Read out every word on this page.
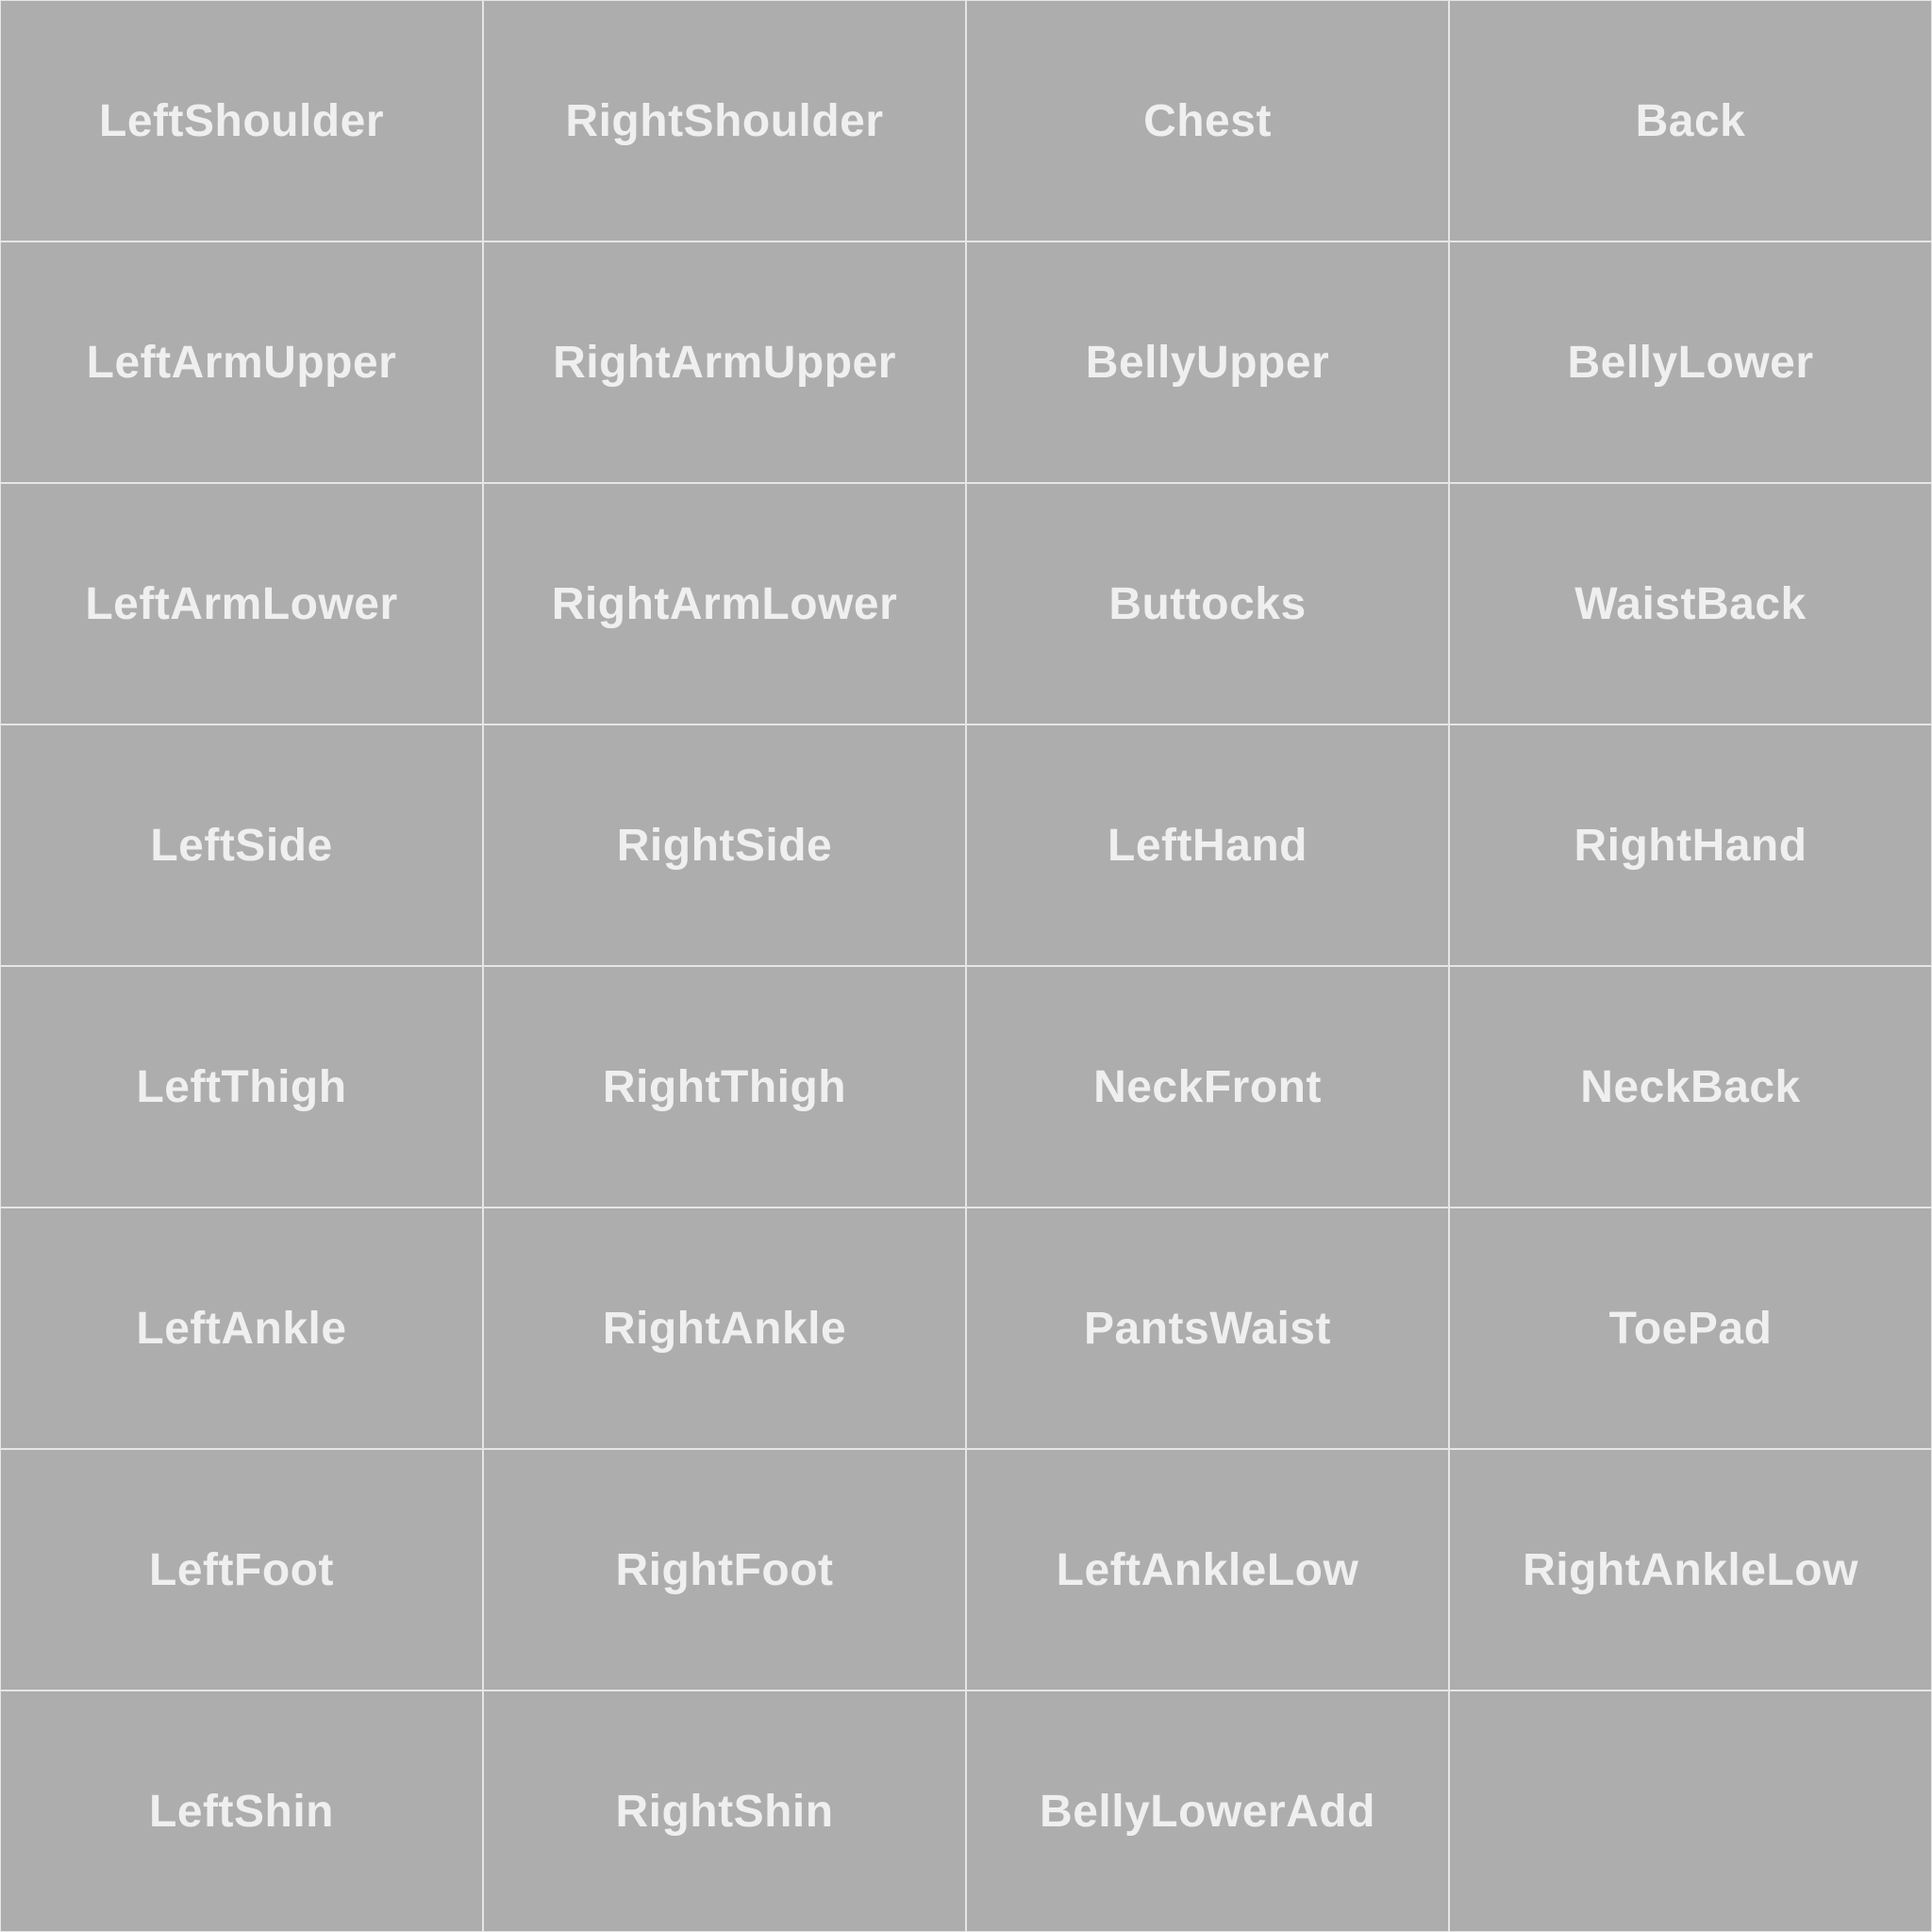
LeftShoulder	RightShoulder	Chest	Back
LeftArmUpper	RightArmUpper	BellyUpper	BellyLower
LeftArmLower	RightArmLower	Buttocks	WaistBack
LeftSide	RightSide	LeftHand	RightHand
LeftThigh	RightThigh	NeckFront	NeckBack
LeftAnkle	RightAnkle	PantsWaist	ToePad
LeftFoot	RightFoot	LeftAnkleLow	RightAnkleLow
LeftShin	RightShin	BellyLowerAdd
